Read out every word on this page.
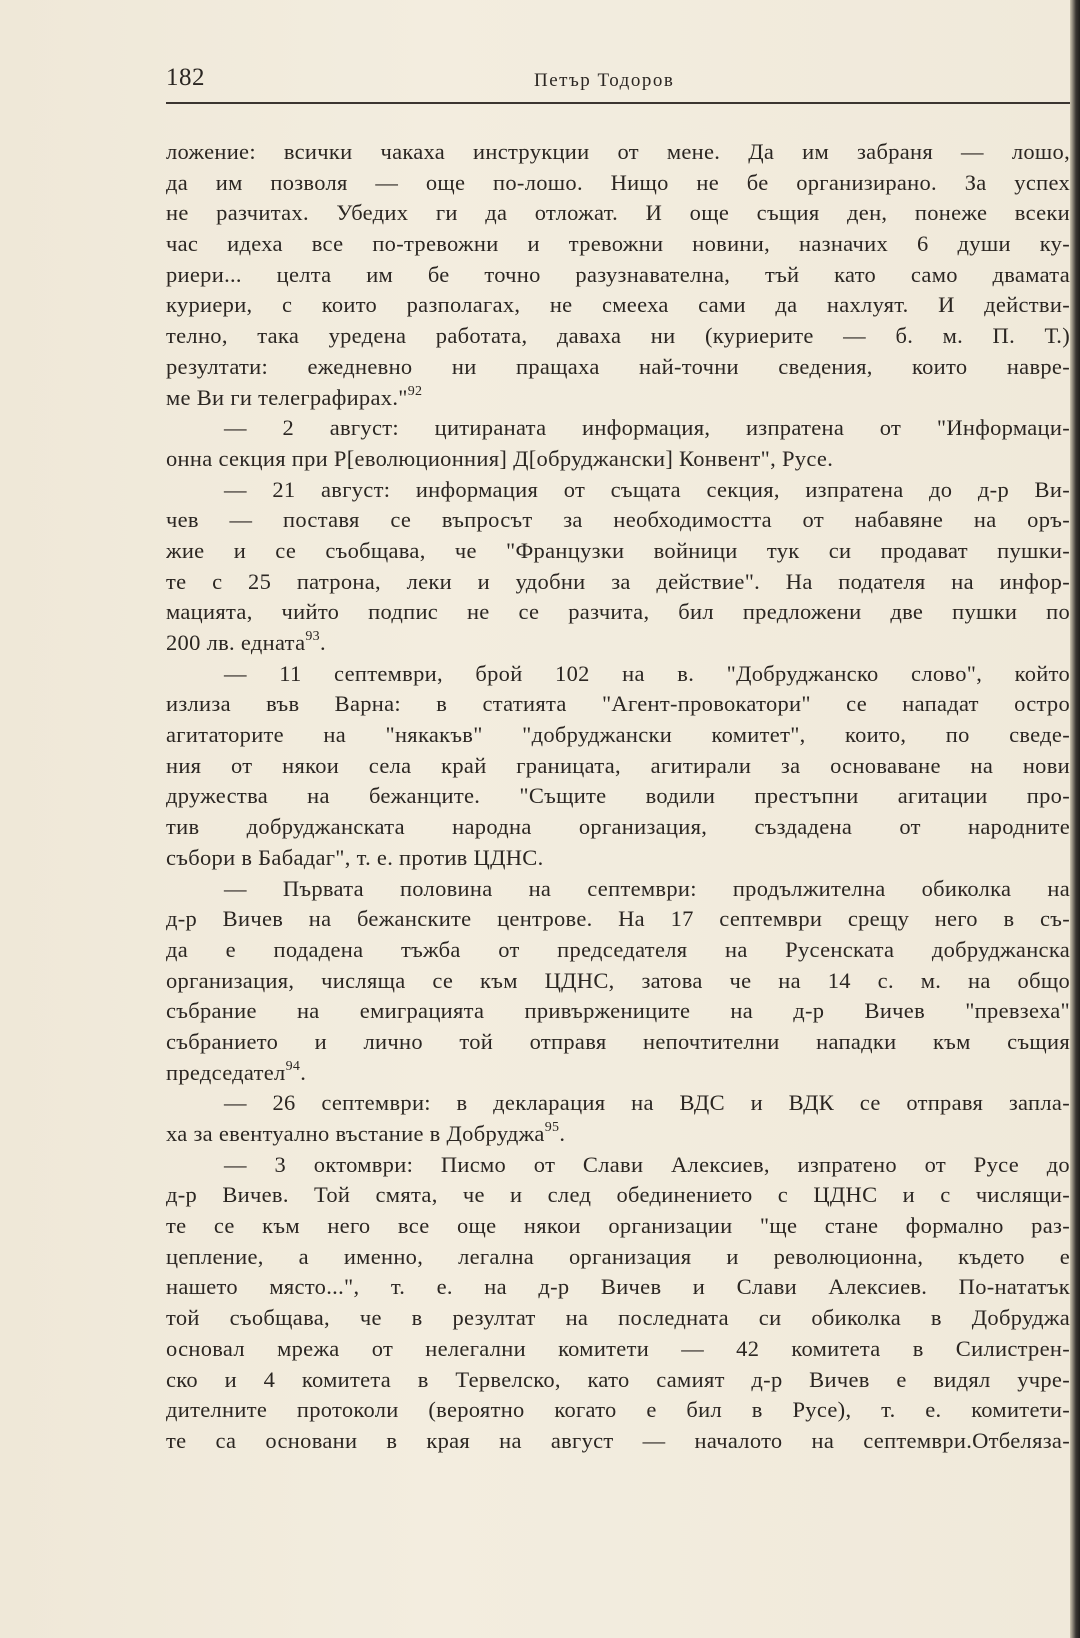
182	Петър Тодоров
ложение: всички чакаха инструкции от мене. Да им забраня — лошо,
да им позволя — още по-лошо. Нищо не бе организирано. За успех
не разчитах. Убедих ги да отложат. И още същия ден, понеже всеки
час идеха все по-тревожни и тревожни новини, назначих 6 души ку-
риери... целта им бе точно разузнавателна, тъй като само двамата
куриери, с които разполагах, не смееха сами да нахлуят. И действи-
телно, така уредена работата, даваха ни (куриерите — б. м. П. Т.)
резултати: ежедневно ни пращаха най-точни сведения, които навре-
ме Ви ги телеграфирах."$^{92}$
— 2 август: цитираната информация, изпратена от "Информаци-
онна секция при Р[еволюционния] Д[обруджански] Конвент", Русе.
— 21 август: информация от същата секция, изпратена до д-р Ви-
чев — поставя се въпросът за необходимостта от набавяне на оръ-
жие и се съобщава, че "Французки войници тук си продават пушки-
те с 25 патрона, леки и удобни за действие". На подателя на инфор-
мацията, чийто подпис не се разчита, бил предложени две пушки по
200 лв. едната$^{93}$.
— 11 септември, брой 102 на в. "Добруджанско слово", който
излиза във Варна: в статията "Агент-провокатори" се нападат остро
агитаторите на "някакъв" "добруджански комитет", които, по сведе-
ния от някои села край границата, агитирали за основаване на нови
дружества на бежанците. "Същите водили престъпни агитации про-
тив добруджанската народна организация, създадена от народните
събори в Бабадаг", т. е. против ЦДНС.
— Първата половина на септември: продължителна обиколка на
д-р Вичев на бежанските центрове. На 17 септември срещу него в съ-
да е подадена тъжба от председателя на Русенската добруджанска
организация, числяща се към ЦДНС, затова че на 14 с. м. на общо
събрание на емиграцията привържениците на д-р Вичев "превзеха"
събранието и лично той отправя непочтителни нападки към същия
председател$^{94}$.
— 26 септември: в декларация на ВДС и ВДК се отправя запла-
ха за евентуално въстание в Добруджа$^{95}$.
— 3 октомври: Писмо от Слави Алексиев, изпратено от Русе до
д-р Вичев. Той смята, че и след обединението с ЦДНС и с числящи-
те се към него все още някои организации "ще стане формално раз-
цепление, а именно, легална организация и революционна, където е
нашето място...", т. е. на д-р Вичев и Слави Алексиев. По-нататък
той съобщава, че в резултат на последната си обиколка в Добруджа
основал мрежа от нелегални комитети — 42 комитета в Силистрен-
ско и 4 комитета в Тервелско, като самият д-р Вичев е видял учре-
дителните протоколи (вероятно когато е бил в Русе), т. е. комитети-
те са основани в края на август — началото на септември.Отбеляза-
